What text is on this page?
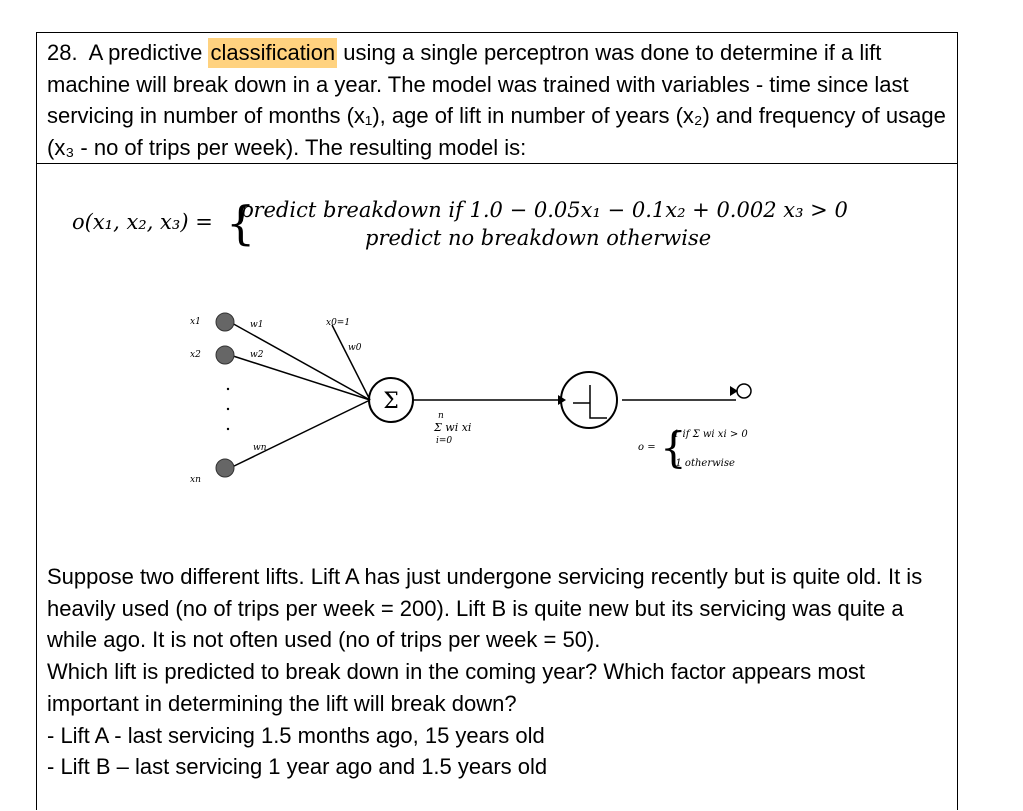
28. A predictive classification using a single perceptron was done to determine if a lift machine will break down in a year. The model was trained with variables - time since last servicing in number of months (x₁), age of lift in number of years (x₂) and frequency of usage (x₃ - no of trips per week). The resulting model is:

o(x₁, x₂, x₃) = {
predict breakdown if 1.0 − 0.05x₁ − 0.1x₂ + 0.002 x₃ > 0
predict no breakdown otherwise
x1
x2
xn
w1
w2
wn
x0=1
w0
n
i=0
Σ wi xi
o =
1 if Σ wi xi > 0
-1 otherwise
Σ
{

Suppose two different lifts. Lift A has just undergone servicing recently but is quite old. It is heavily used (no of trips per week = 200). Lift B is quite new but its servicing was quite a while ago. It is not often used (no of trips per week = 50).

Which lift is predicted to break down in the coming year? Which factor appears most important in determining the lift will break down?

- Lift A - last servicing 1.5 months ago, 15 years old

- Lift B – last servicing 1 year ago and 1.5 years old
